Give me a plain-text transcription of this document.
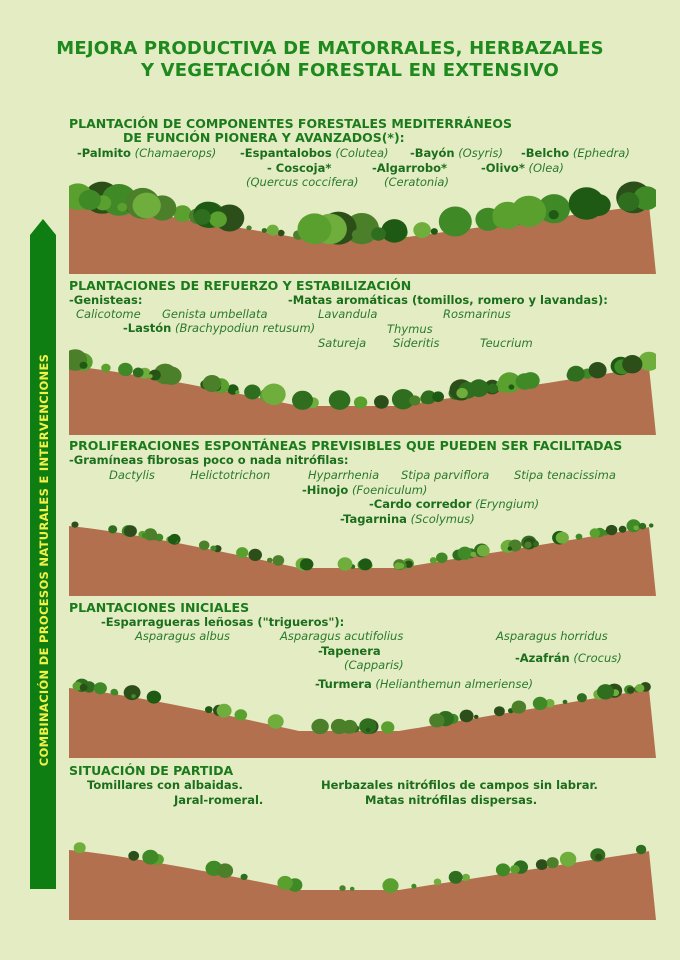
MEJORA PRODUCTIVA DE MATORRALES, HERBAZALES
Y VEGETACIÓN FORESTAL EN EXTENSIVO
COMBINACIÓN DE PROCESOS NATURALES E INTERVENCIONES
PLANTACIÓN DE COMPONENTES FORESTALES MEDITERRÁNEOS
DE FUNCIÓN PIONERA Y AVANZADOS(*):
-Palmito (Chamaerops) -Espantalobos (Colutea) -Bayón (Osyris) -Belcho (Ephedra)
- Coscoja*
(Quercus coccifera)
-Algarrobo*
(Ceratonia)
-Olivo* (Olea)
PLANTACIONES DE REFUERZO Y ESTABILIZACIÓN
-Genisteas:
Calicotome Genista umbellata
-Lastón (Brachypodiun retusum)
-Matas aromáticas (tomillos, romero y lavandas):
Lavandula	Rosmarinus
Thymus
Satureja Sideritis	Teucrium
PROLIFERACIONES ESPONTÁNEAS PREVISIBLES QUE PUEDEN SER FACILITADAS
-Gramíneas fibrosas poco o nada nitrófilas:
Dactylis	Helictotrichon	Hyparrhenia Stipa parviflora Stipa tenacissima
-Hinojo (Foeniculum)
-Cardo corredor (Eryngium)
-Tagarnina (Scolymus)
PLANTACIONES INICIALES
-Esparragueras leñosas ("trigueros"):
Asparagus albus	Asparagus acutifolius	Asparagus horridus
-Tapenera
(Capparis)	-Azafrán (Crocus)
-Turmera (Helianthemun almeriense)
SITUACIÓN DE PARTIDA
Tomillares con albaidas.
Jaral-romeral.
Herbazales nitrófilos de campos sin labrar.
Matas nitrófilas dispersas.
